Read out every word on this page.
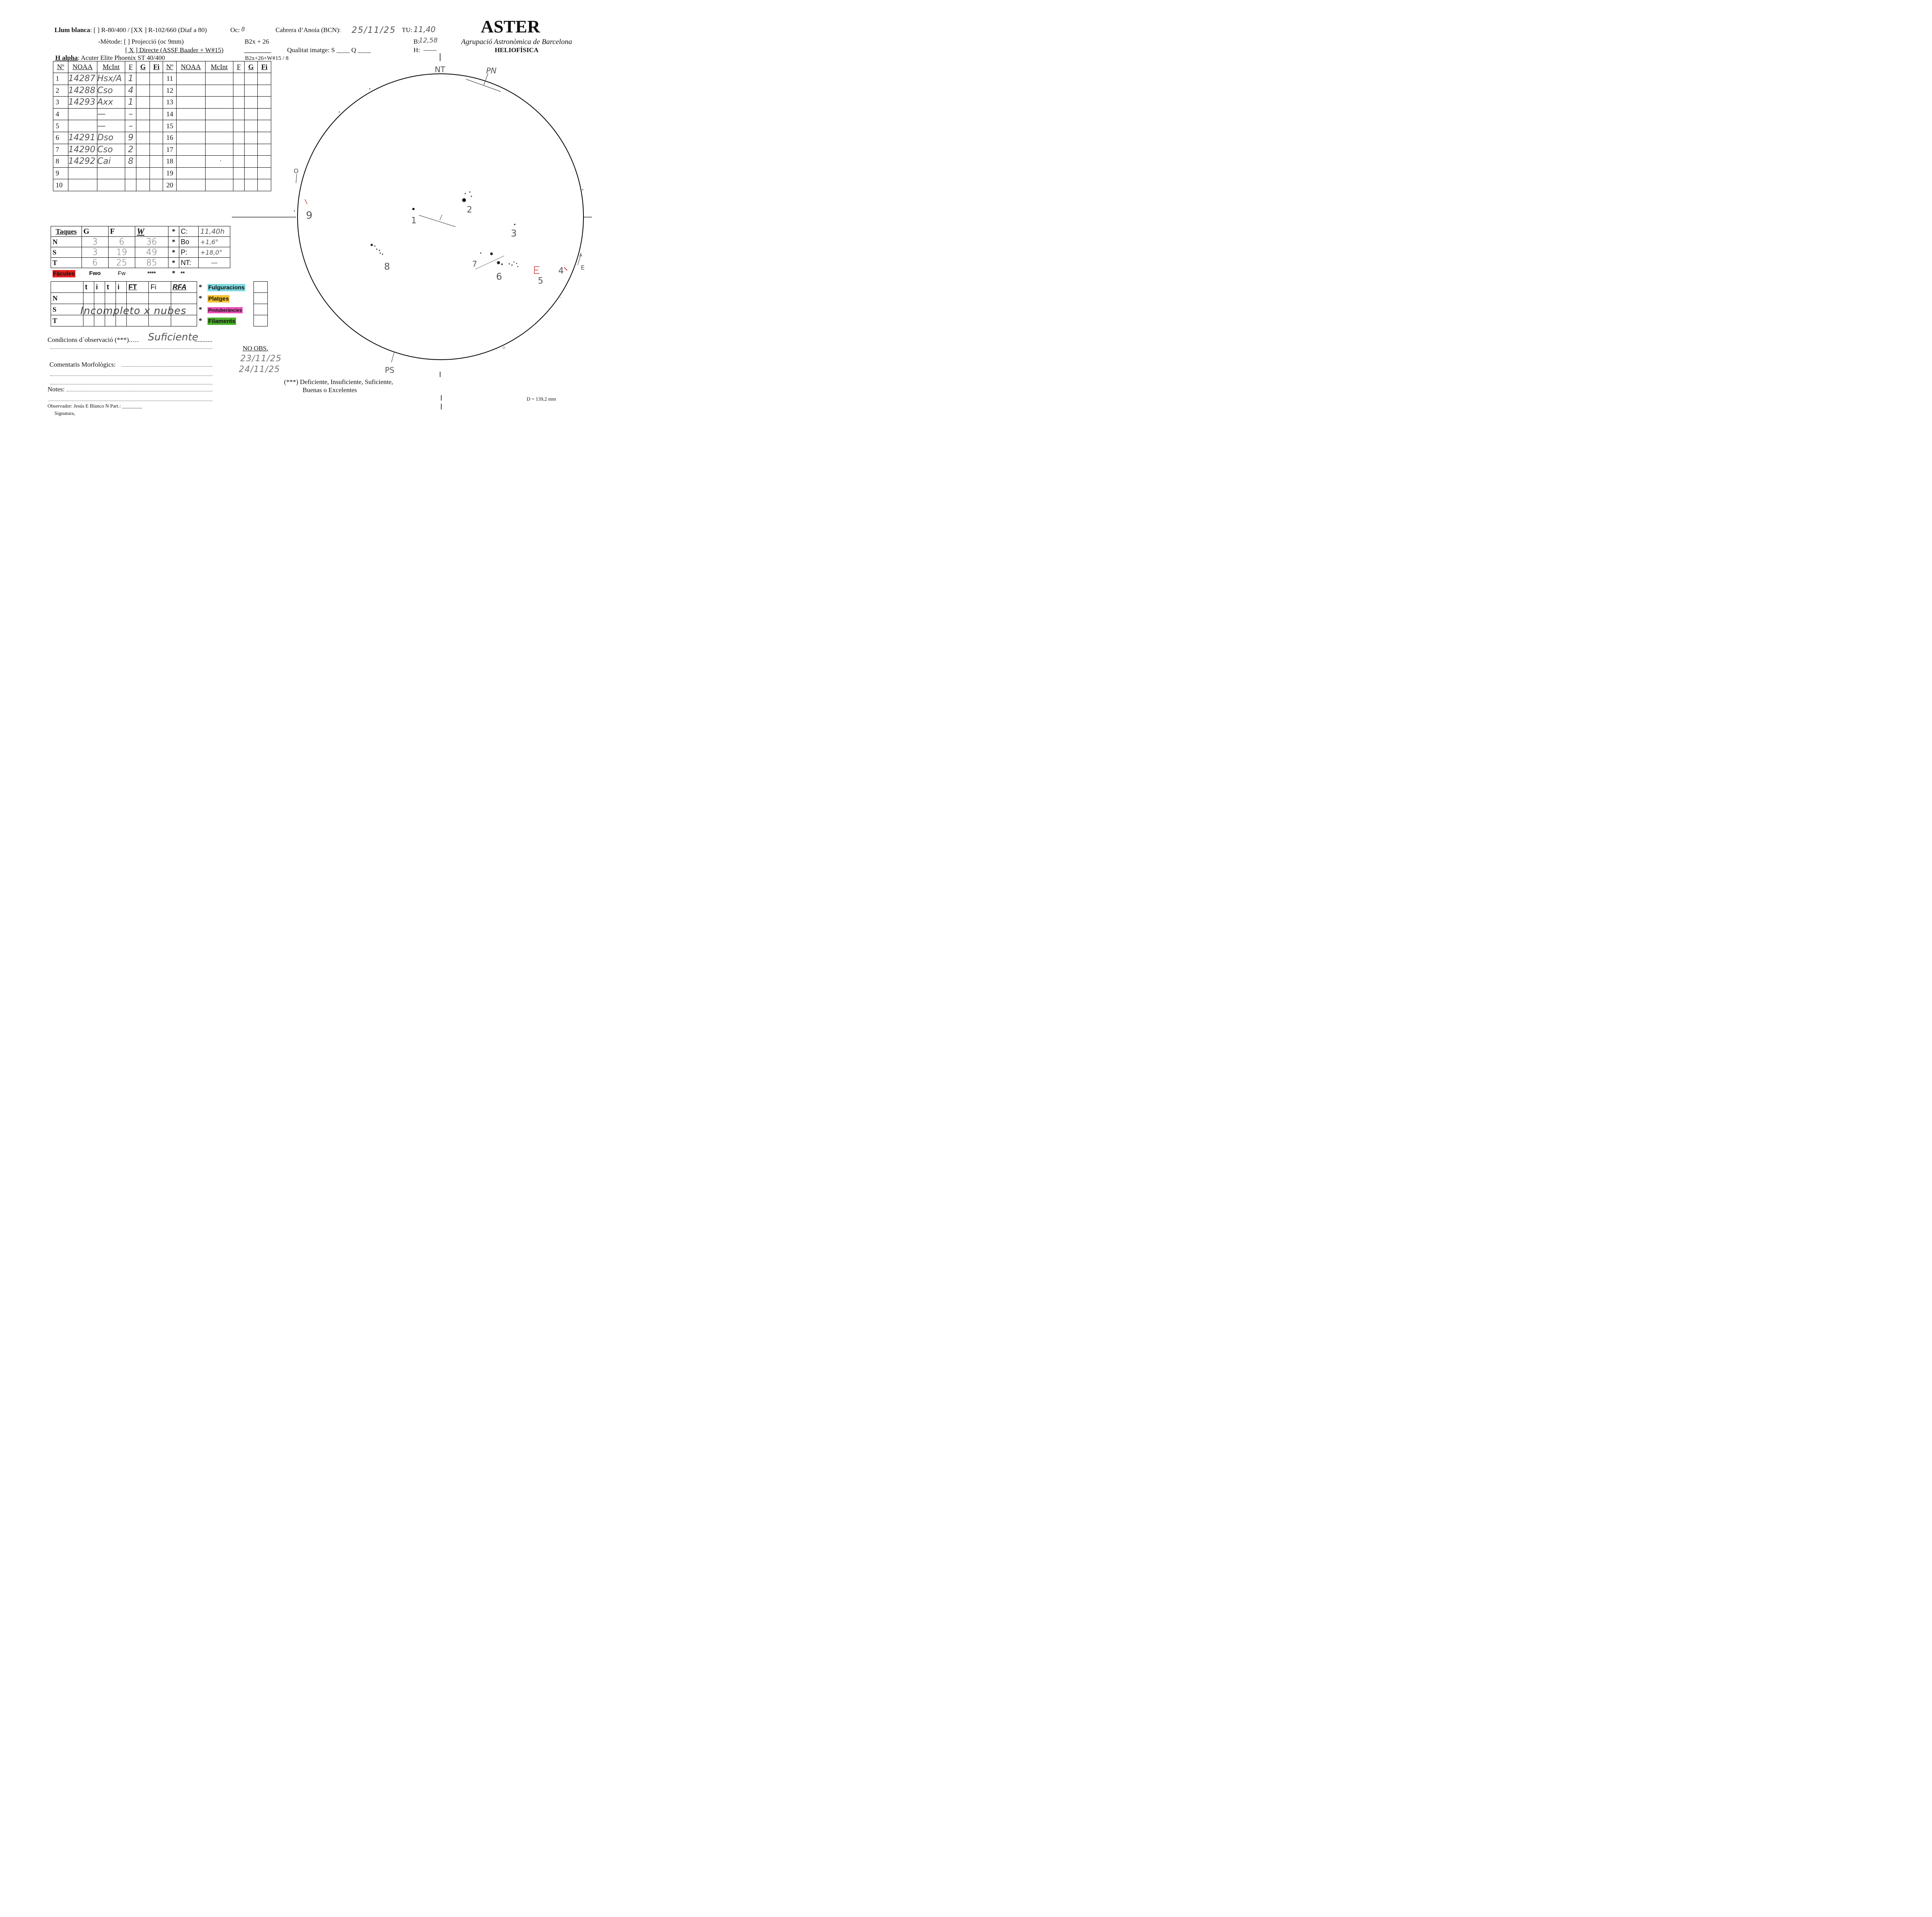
Llum blanca: [ ] R-80/400 / [XX ] R-102/660 (Diaf a 80)	Oc: 8	Cabrera d’Anoia (BCN): 25/11/25 TU: 11,40
-Mètode: [ ] Projecció (oc 9mm)	B2x + 26	B:
12,58
[ X ] Directe (ASSF Baader + W#15)	Qualitat imatge: S ____ Q ____	H:
H alpha: Acuter Elite Phoenix ST 40/400	B2x+26+W#15 / 8
ASTER
Agrupació Astronòmica de Barcelona
HELIOFÍSICA
Nº	NOAA	McInt	F	G	Fi	Nº	NOAA	McInt	F	G	Fi
1	14287	Hsx/A	1			11					
2	14288	Cso	4			12					
3	14293	Axx	1			13					
4		—	–			14					
5		—	–			15					
6	14291	Dso	9			16					
7	14290	Cso	2			17					
8	14292	Cai	8			18					
9						19					
10						20					
Taques	G	F	W	*	C:	11,40h
N	3	6	36	*	Bo	+1,6°
S	3	19	49	*	P:	+18,0°
T	6	25	85	*	NT:	—
Fàcules	Fwo	Fw	****	*	**	
	t	i	t	i	FT	Fi	RFA	*	Fulguracions	
N								*	Platges	
S								*	Protuberàncies	
T								*	Filaments	
Incompleto x nubes
Condicions d´observació (***)..... Suficiente
...........
Comentaris Morfològics:
Notes:
Observador: Jesús E Blanco N Part.: ________
Signatura,
NO OBS.
23/11/25
24/11/25
(***) Deficiente, Insuficiente, Suficiente,
Buenas o Excelentes
D = 139,2 mm
NT	PN
PS
O
E
1
2
3
4
5
6
7
8
9
